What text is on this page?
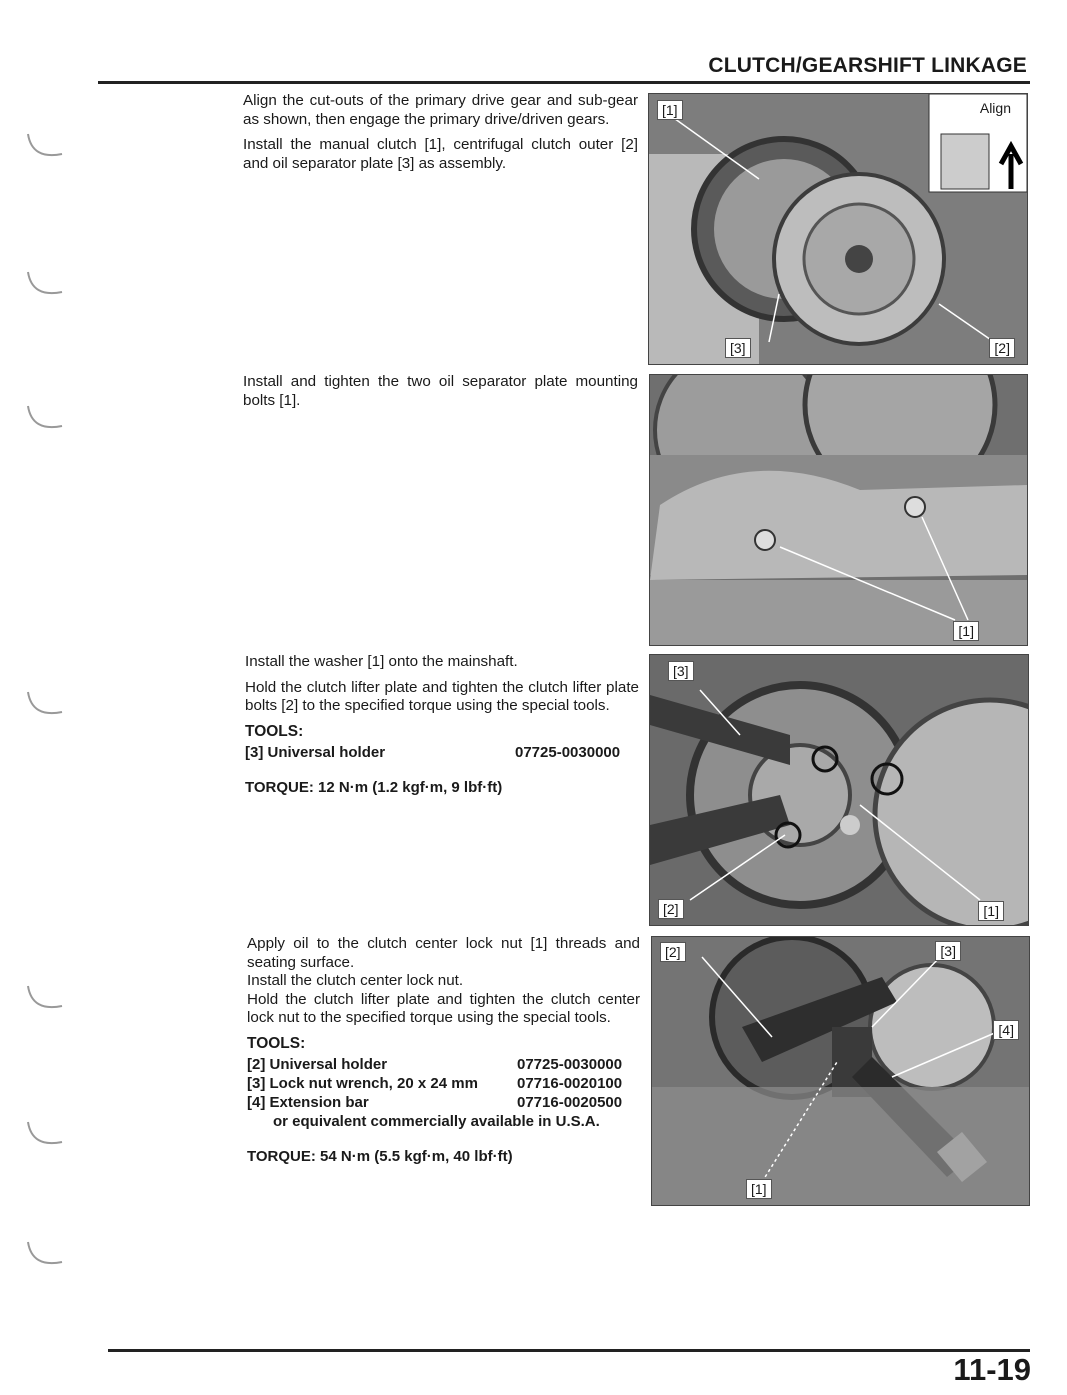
CLUTCH/GEARSHIFT LINKAGE

Align the cut-outs of the primary drive gear and sub-gear as shown, then engage the primary drive/driven gears.

Install the manual clutch [1], centrifugal clutch outer [2] and oil separator plate [3] as assembly.

[1]	Align
[3]	[2]

Install and tighten the two oil separator plate mounting bolts [1].

[1]

Install the washer [1] onto the mainshaft.

Hold the clutch lifter plate and tighten the clutch lifter plate bolts [2] to the specified torque using the special tools.

TOOLS:
[3] Universal holder	07725-0030000
TORQUE: 12 N·m (1.2 kgf·m, 9 lbf·ft)
[3]
[2]	[1]

Apply oil to the clutch center lock nut [1] threads and seating surface.

Install the clutch center lock nut.

Hold the clutch lifter plate and tighten the clutch center lock nut to the specified torque using the special tools.

TOOLS:
[2] Universal holder	07725-0030000
[3] Lock nut wrench, 20 x 24 mm	07716-0020100
[4] Extension bar	07716-0020500
or equivalent commercially available in U.S.A.
TORQUE: 54 N·m (5.5 kgf·m, 40 lbf·ft)
[2]	[3]
[4]
[1]
11-19
